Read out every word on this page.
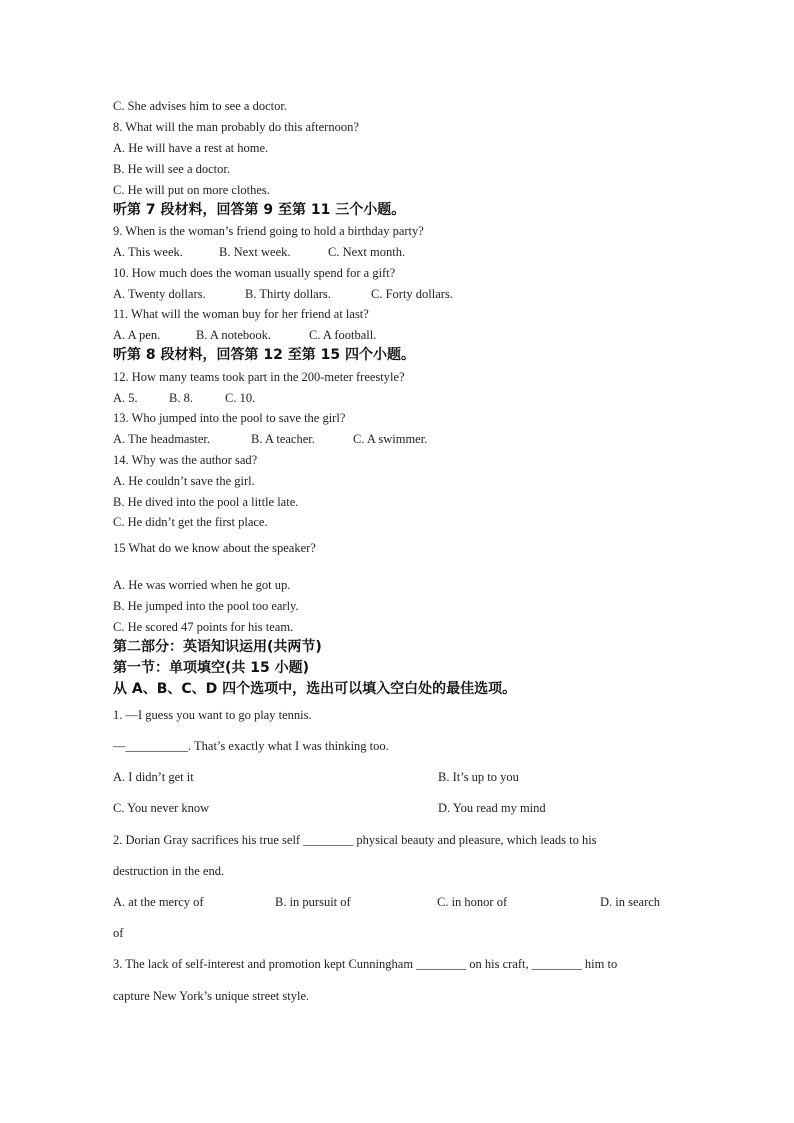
C. She advises him to see a doctor.
8. What will the man probably do this afternoon?
A. He will have a rest at home.
B. He will see a doctor.
C. He will put on more clothes.
听第 7 段材料，回答第 9 至第 11 三个小题。
9. When is the woman’s friend going to hold a birthday party?
A. This week.	B. Next week.	C. Next month.
10. How much does the woman usually spend for a gift?
A. Twenty dollars.	B. Thirty dollars.	C. Forty dollars.
11. What will the woman buy for her friend at last?
A. A pen.	B. A notebook.	C. A football.
听第 8 段材料，回答第 12 至第 15 四个小题。
12. How many teams took part in the 200-meter freestyle?
A. 5.	B. 8.	C. 10.
13. Who jumped into the pool to save the girl?
A. The headmaster.	B. A teacher.	C. A swimmer.
14. Why was the author sad?
A. He couldn’t save the girl.
B. He dived into the pool a little late.
C. He didn’t get the first place.
15 What do we know about the speaker?
A. He was worried when he got up.
B. He jumped into the pool too early.
C. He scored 47 points for his team.
第二部分：英语知识运用(共两节)
第一节：单项填空(共 15 小题)
从 A、B、C、D 四个选项中，选出可以填入空白处的最佳选项。
1. —I guess you want to go play tennis.
—__________. That’s exactly what I was thinking too.
A. I didn’t get it	B. It’s up to you
C. You never know	D. You read my mind
2. Dorian Gray sacrifices his true self ________ physical beauty and pleasure, which leads to his
destruction in the end.
A. at the mercy of	B. in pursuit of	C. in honor of	D. in search
of
3. The lack of self-interest and promotion kept Cunningham ________ on his craft, ________ him to
capture New York’s unique street style.
